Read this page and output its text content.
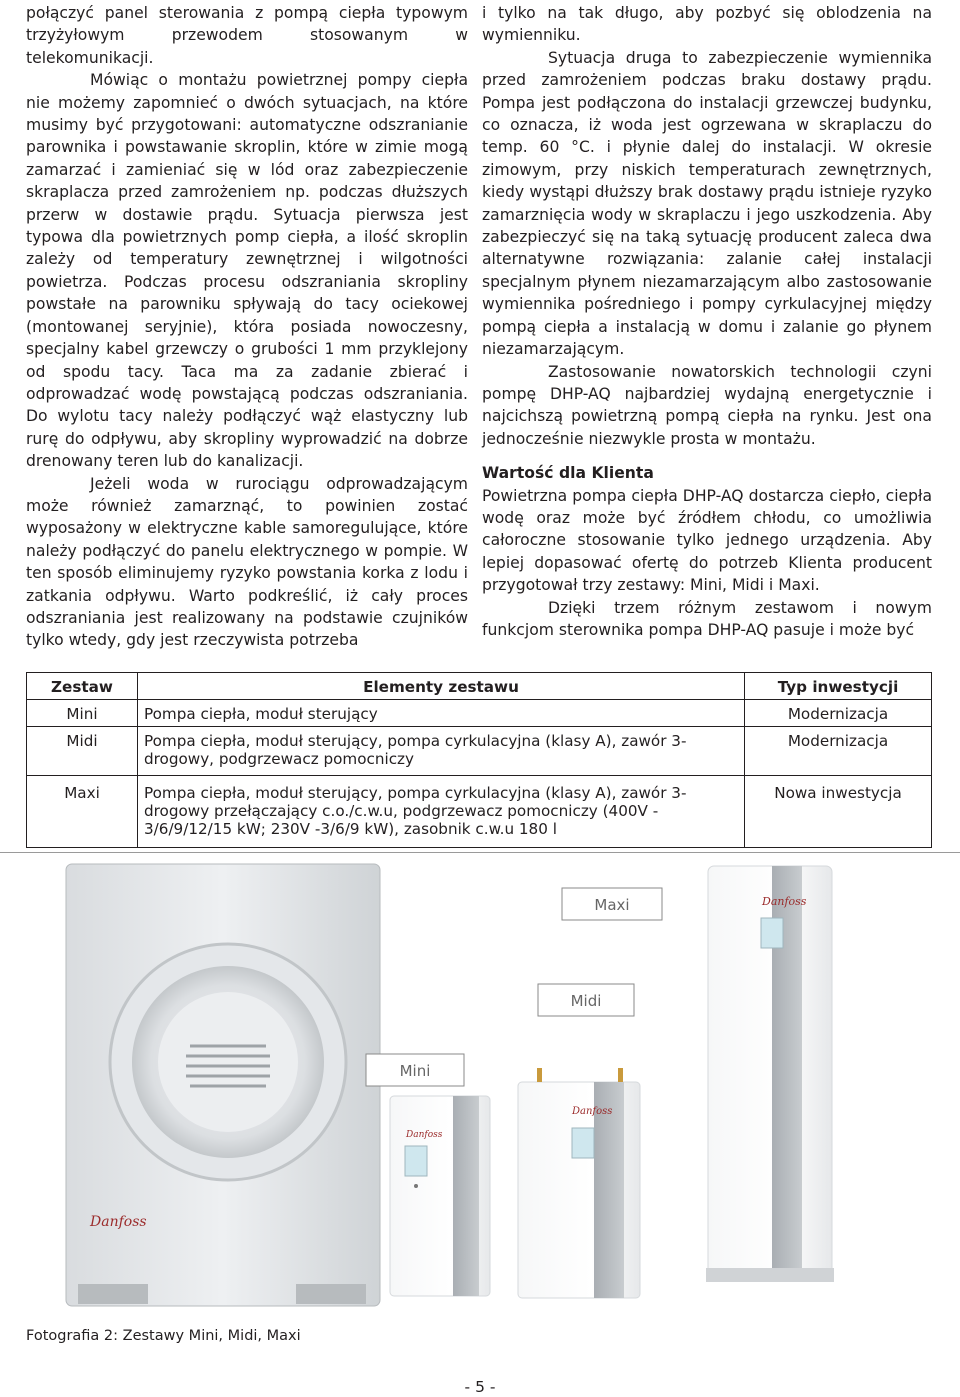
połączyć panel sterowania z pompą ciepła typowym trzyżyłowym przewodem stosowanym w telekomunikacji.

Mówiąc o montażu powietrznej pompy ciepła nie możemy zapomnieć o dwóch sytuacjach, na które musimy być przygotowani: automatyczne odszranianie parownika i powstawanie skroplin, które w zimie mogą zamarzać i zamieniać się w lód oraz zabezpieczenie skraplacza przed zamrożeniem np. podczas dłuższych przerw w dostawie prądu. Sytuacja pierwsza jest typowa dla powietrznych pomp ciepła, a ilość skroplin zależy od temperatury zewnętrznej i wilgotności powietrza. Podczas procesu odszraniania skropliny powstałe na parowniku spływają do tacy ociekowej (montowanej seryjnie), która posiada nowoczesny, specjalny kabel grzewczy o grubości 1 mm przyklejony od spodu tacy. Taca ma za zadanie zbierać i odprowadzać wodę powstającą podczas odszraniania. Do wylotu tacy należy podłączyć wąż elastyczny lub rurę do odpływu, aby skropliny wyprowadzić na dobrze drenowany teren lub do kanalizacji.

Jeżeli woda w rurociągu odprowadzającym może również zamarznąć, to powinien zostać wyposażony w elektryczne kable samoregulujące, które należy podłączyć do panelu elektrycznego w pompie. W ten sposób eliminujemy ryzyko powstania korka z lodu i zatkania odpływu. Warto podkreślić, iż cały proces odszraniania jest realizowany na podstawie czujników tylko wtedy, gdy jest rzeczywista potrzeba

i tylko na tak długo, aby pozbyć się oblodzenia na wymienniku.

Sytuacja druga to zabezpieczenie wymiennika przed zamrożeniem podczas braku dostawy prądu. Pompa jest podłączona do instalacji grzewczej budynku, co oznacza, iż woda jest ogrzewana w skraplaczu do temp. 60 °C. i płynie dalej do instalacji. W okresie zimowym, przy niskich temperaturach zewnętrznych, kiedy wystąpi dłuższy brak dostawy prądu istnieje ryzyko zamarznięcia wody w skraplaczu i jego uszkodzenia. Aby zabezpieczyć się na taką sytuację producent zaleca dwa alternatywne rozwiązania: zalanie całej instalacji specjalnym płynem niezamarzającym albo zastosowanie wymiennika pośredniego i pompy cyrkulacyjnej między pompą ciepła a instalacją w domu i zalanie go płynem niezamarzającym.

Zastosowanie nowatorskich technologii czyni pompę DHP-AQ najbardziej wydajną energetycznie i najcichszą powietrzną pompą ciepła na rynku. Jest ona jednocześnie niezwykle prosta w montażu.

Wartość dla Klienta

Powietrzna pompa ciepła DHP-AQ dostarcza ciepło, ciepła wodę oraz może być źródłem chłodu, co umożliwia całoroczne stosowanie tylko jednego urządzenia. Aby lepiej dopasować ofertę do potrzeb Klienta producent przygotował trzy zestawy: Mini, Midi i Maxi.

Dzięki trzem różnym zestawom i nowym funkcjom sterownika pompa DHP-AQ pasuje i może być

Zestaw	Elementy zestawu	Typ inwestycji
Mini	Pompa ciepła, moduł sterujący	Modernizacja
Midi	Pompa ciepła, moduł sterujący, pompa cyrkulacyjna (klasy A), zawór 3-drogowy, podgrzewacz pomocniczy	Modernizacja
Maxi	Pompa ciepła, moduł sterujący, pompa cyrkulacyjna (klasy A), zawór 3-drogowy przełączający c.o./c.w.u, podgrzewacz pomocniczy (400V - 3/6/9/12/15 kW; 230V -3/6/9 kW), zasobnik c.w.u 180 l	Nowa inwestycja
Danfoss
Danfoss
Danfoss
Danfoss
Maxi
Midi
Mini
Fotografia 2: Zestawy Mini, Midi, Maxi
- 5 -
